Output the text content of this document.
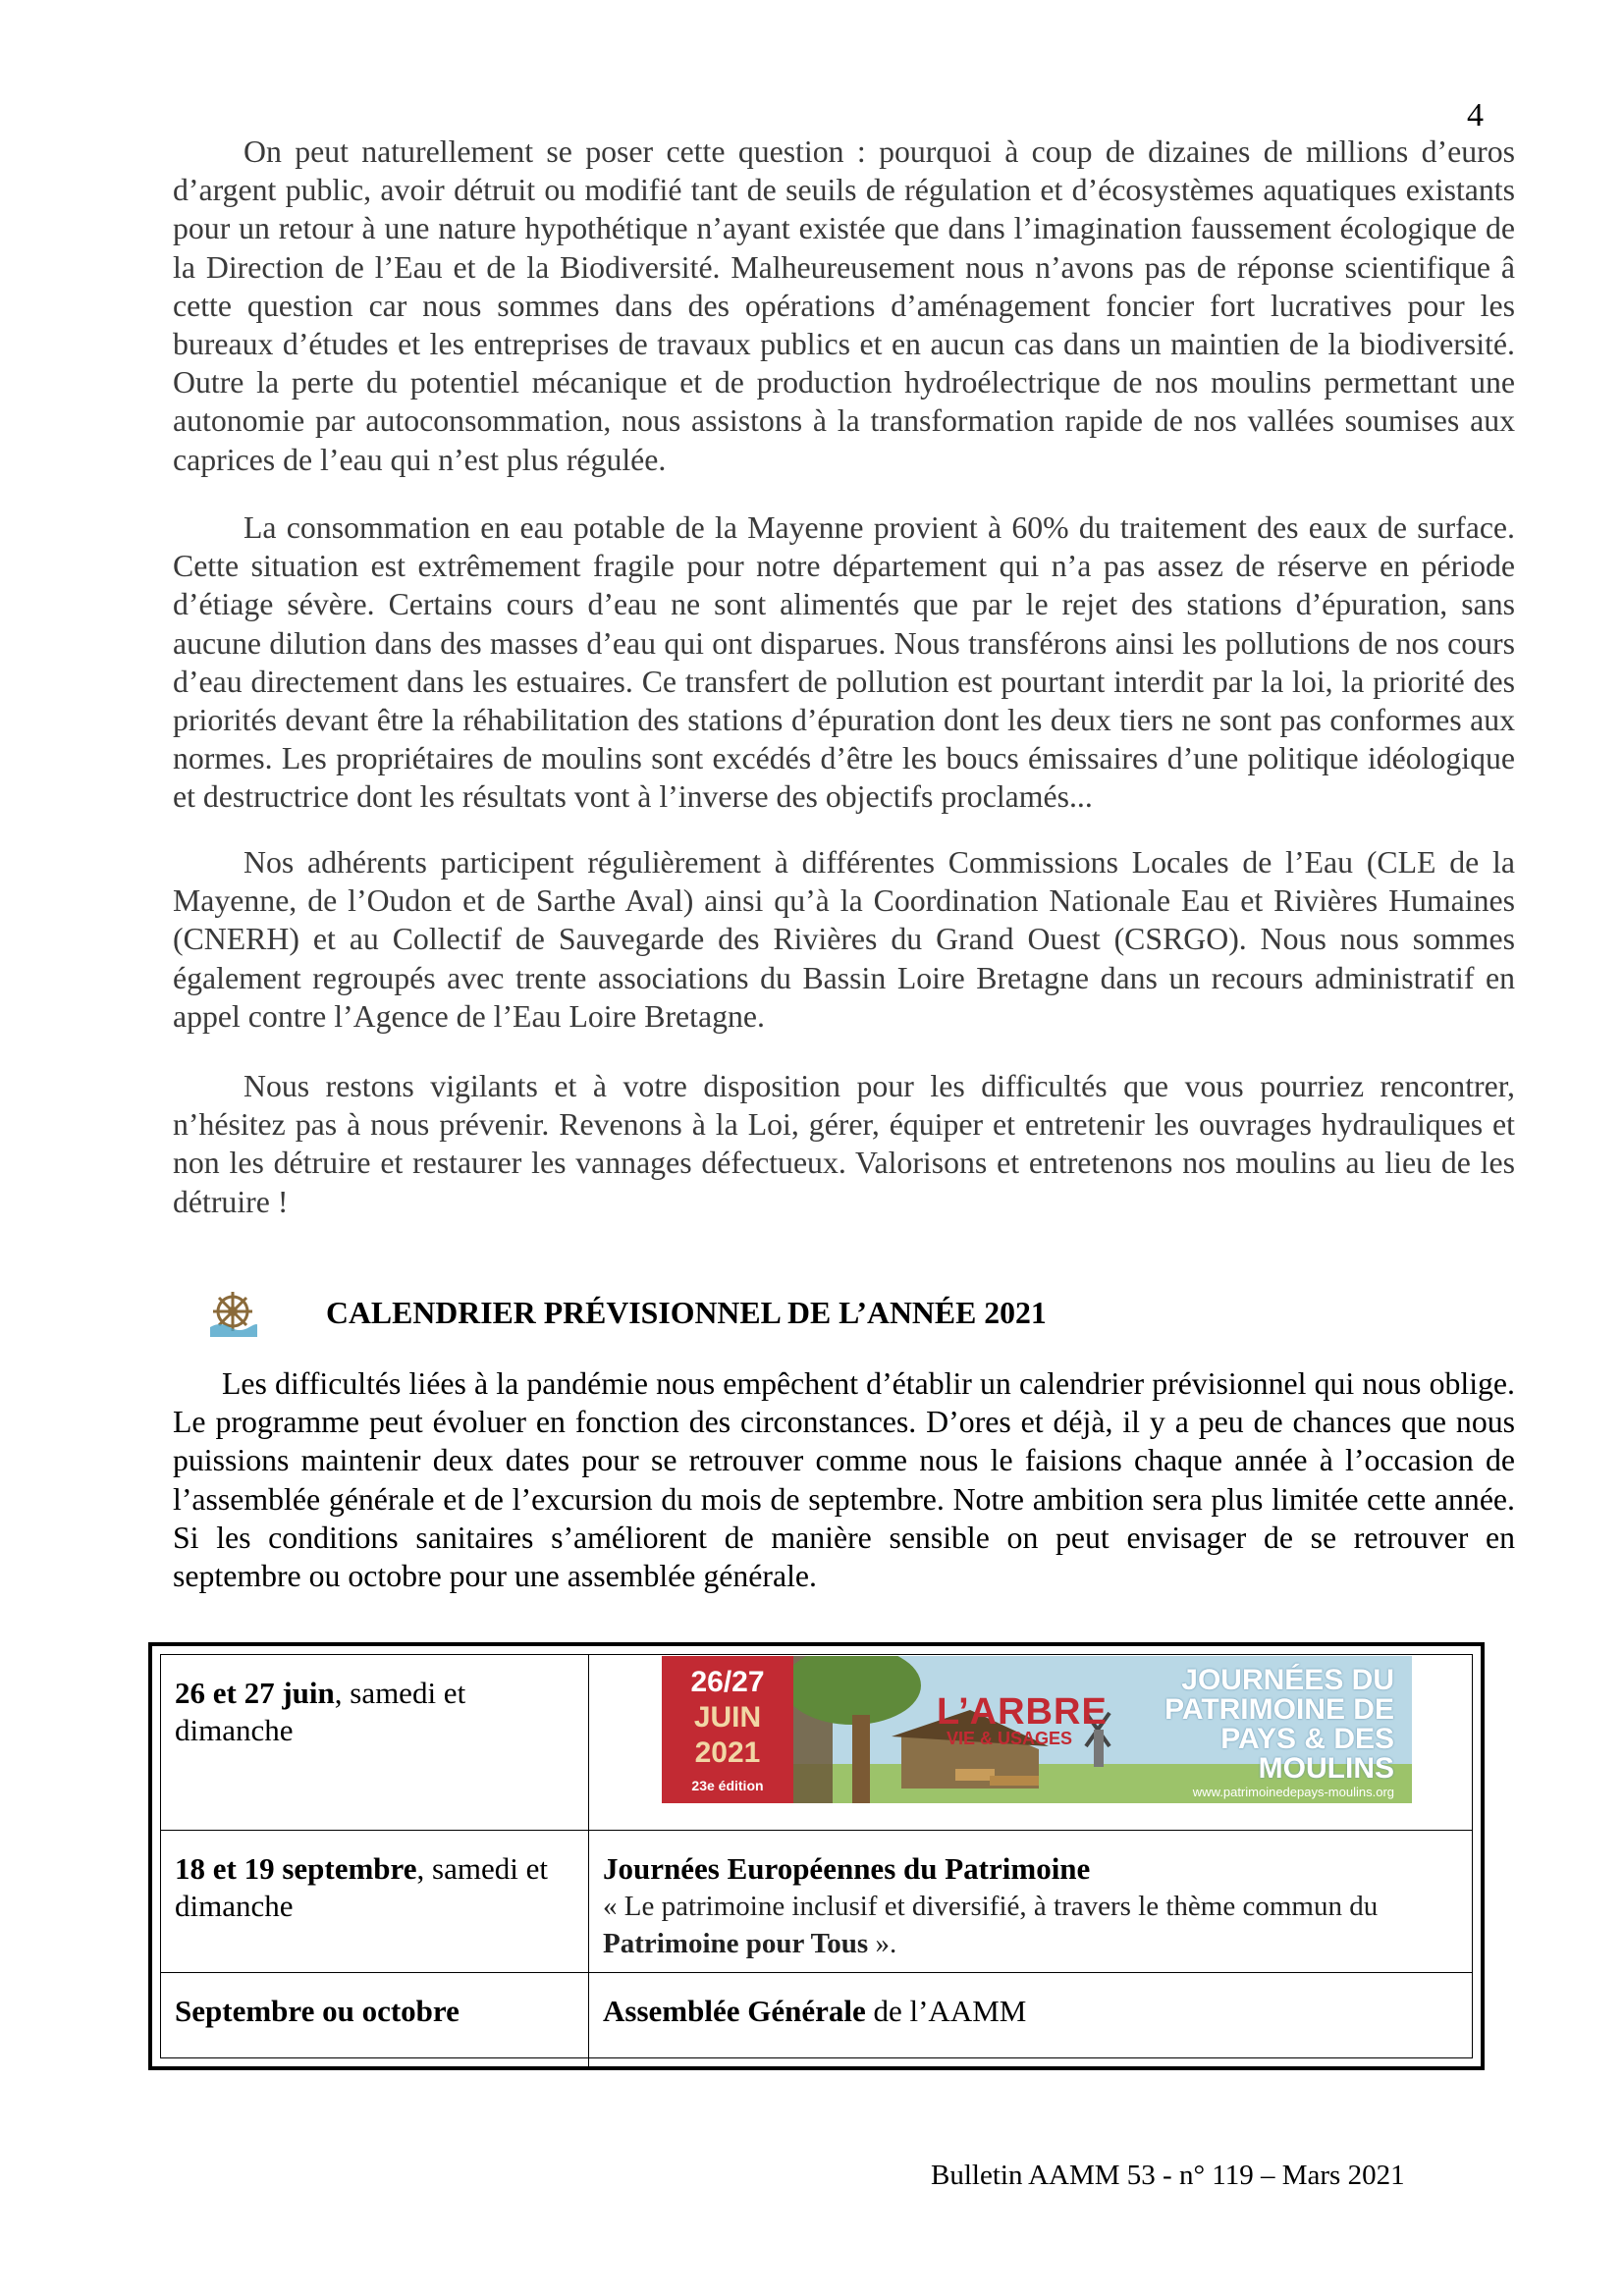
4

On peut naturellement se poser cette question : pourquoi à coup de dizaines de millions d’euros d’argent public, avoir détruit ou modifié tant de seuils de régulation et d’écosystèmes aquatiques existants pour un retour à une nature hypothétique n’ayant existée que dans l’imagination faussement écologique de la Direction de l’Eau et de la Biodiversité. Malheureusement nous n’avons pas de réponse scientifique â cette question car nous sommes dans des opérations d’aménagement foncier fort lucratives pour les bureaux d’études et les entreprises de travaux publics et en aucun cas dans un maintien de la biodiversité. Outre la perte du potentiel mécanique et de production hydroélectrique de nos moulins permettant une autonomie par autoconsommation, nous assistons à la transformation rapide de nos vallées soumises aux caprices de l’eau qui n’est plus régulée.

La consommation en eau potable de la Mayenne provient à 60% du traitement des eaux de surface. Cette situation est extrêmement fragile pour notre département qui n’a pas assez de réserve en période d’étiage sévère. Certains cours d’eau ne sont alimentés que par le rejet des stations d’épuration, sans aucune dilution dans des masses d’eau qui ont disparues. Nous transférons ainsi les pollutions de nos cours d’eau directement dans les estuaires. Ce transfert de pollution est pourtant interdit par la loi, la priorité des priorités devant être la réhabilitation des stations d’épuration dont les deux tiers ne sont pas conformes aux normes. Les propriétaires de moulins sont excédés d’être les boucs émissaires d’une politique idéologique et destructrice dont les résultats vont à l’inverse des objectifs proclamés...

Nos adhérents participent régulièrement à différentes Commissions Locales de l’Eau (CLE de la Mayenne, de l’Oudon et de Sarthe Aval) ainsi qu’à la Coordination Nationale Eau et Rivières Humaines (CNERH) et au Collectif de Sauvegarde des Rivières du Grand Ouest (CSRGO). Nous nous sommes également regroupés avec trente associations du Bassin Loire Bretagne dans un recours administratif en appel contre l’Agence de l’Eau Loire Bretagne.

Nous restons vigilants et à votre disposition pour les difficultés que vous pourriez rencontrer, n’hésitez pas à nous prévenir. Revenons à la Loi, gérer, équiper et entretenir les ouvrages hydrauliques et non les détruire et restaurer les vannages défectueux. Valorisons et entretenons nos moulins au lieu de les détruire !

CALENDRIER PRÉVISIONNEL DE L’ANNÉE 2021

Les difficultés liées à la pandémie nous empêchent d’établir un calendrier prévisionnel qui nous oblige. Le programme peut évoluer en fonction des circonstances. D’ores et déjà, il y a peu de chances que nous puissions maintenir deux dates pour se retrouver comme nous le faisions chaque année à l’occasion de l’assemblée générale et de l’excursion du mois de septembre. Notre ambition sera plus limitée cette année. Si les conditions sanitaires s’améliorent de manière sensible on peut envisager de se retrouver en septembre ou octobre pour une assemblée générale.

26 et 27 juin, samedi et dimanche
18 et 19 septembre, samedi et dimanche
Journées Européennes du Patrimoine
« Le patrimoine inclusif et diversifié, à travers le thème commun du Patrimoine pour Tous ».
Septembre ou octobre	Assemblée Générale de l’AAMM
26/27
JUIN
2021
23e édition
L’ARBRE
VIE & USAGES
JOURNÉES DU PATRIMOINE DE PAYS & DES MOULINS
www.patrimoinedepays-moulins.org
Bulletin AAMM 53 - n° 119 – Mars 2021
